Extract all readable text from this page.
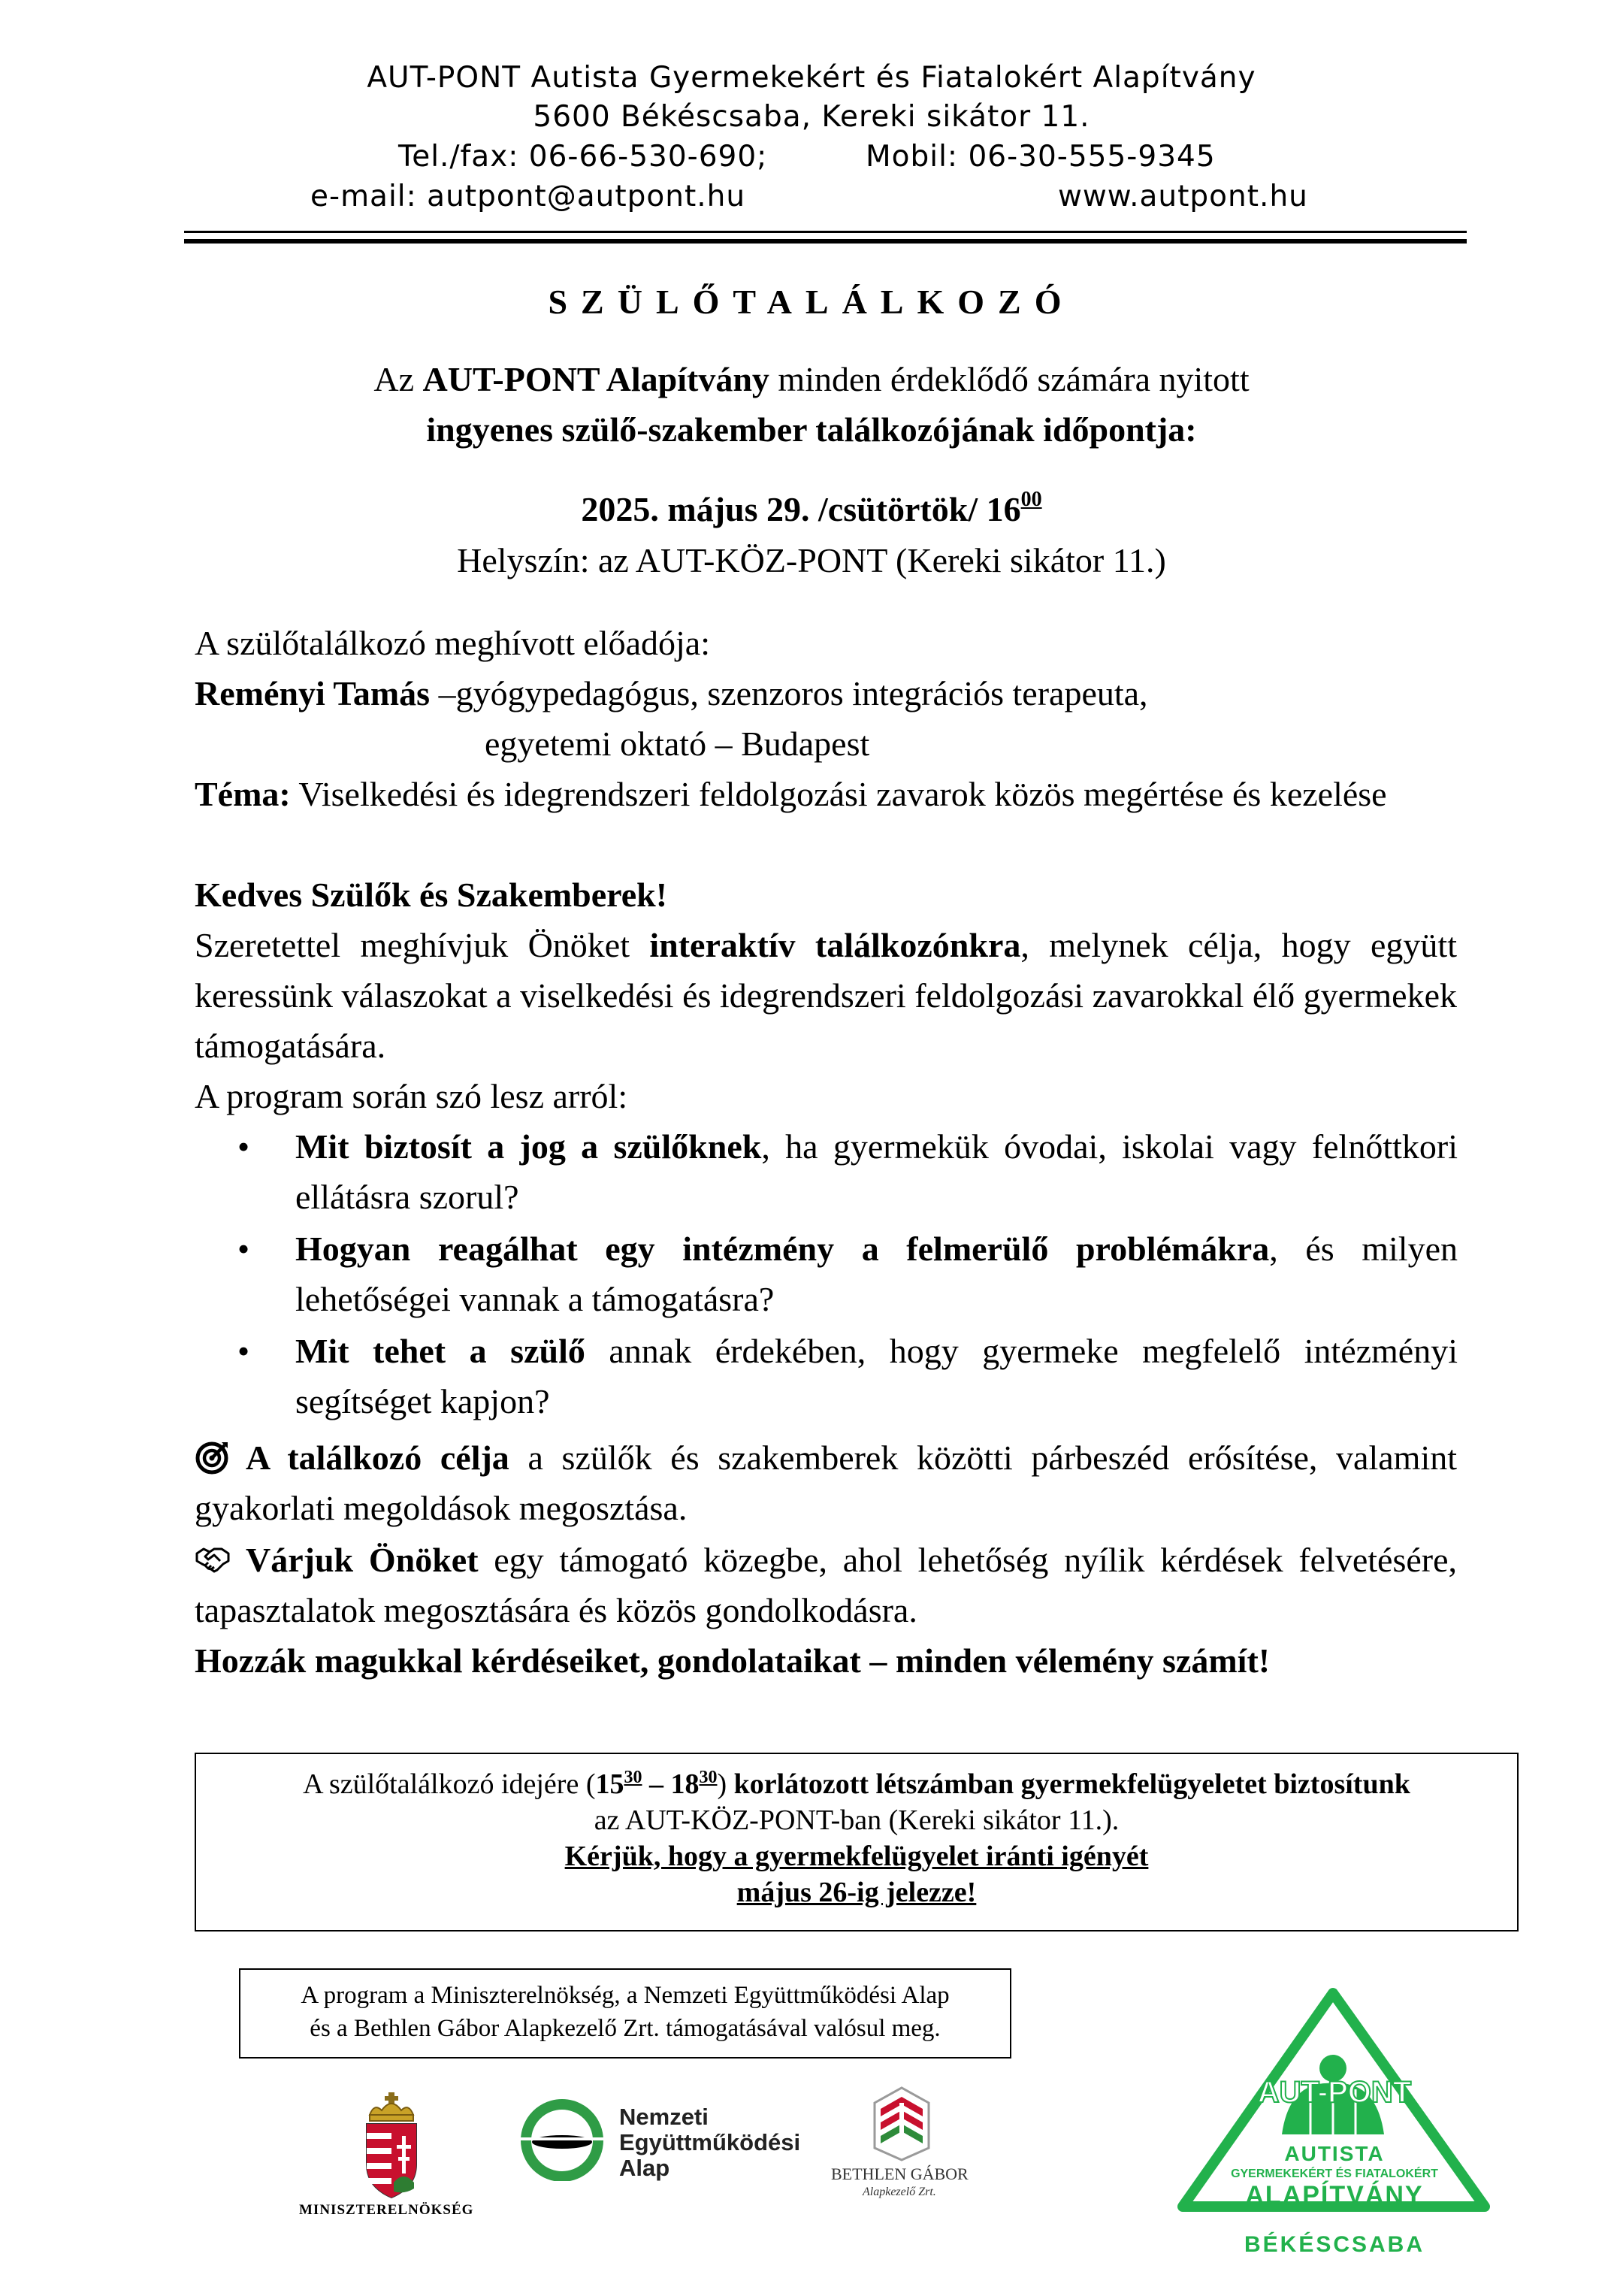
AUT-PONT Autista Gyermekekért és Fiatalokért Alapítvány
5600 Békéscsaba, Kereki sikátor 11.
Tel./fax: 06-66-530-690;	Mobil: 06-30-555-9345
e-mail: autpont@autpont.hu	www.autpont.hu
SZÜLŐTALÁLKOZÓ
Az AUT-PONT Alapítvány minden érdeklődő számára nyitott
ingyenes szülő-szakember találkozójának időpontja:
2025. május 29. /csütörtök/ $16^{00}$
Helyszín: az AUT-KÖZ-PONT (Kereki sikátor 11.)
A szülőtalálkozó meghívott előadója:
Reményi Tamás –gyógypedagógus, szenzoros integrációs terapeuta,
egyetemi oktató – Budapest
Téma: Viselkedési és idegrendszeri feldolgozási zavarok közös megértése és kezelése
Kedves Szülők és Szakemberek!
Szeretettel meghívjuk Önöket interaktív találkozónkra, melynek célja, hogy együtt keressünk válaszokat a viselkedési és idegrendszeri feldolgozási zavarokkal élő gyermekek támogatására.
A program során szó lesz arról:
•	Mit biztosít a jog a szülőknek, ha gyermekük óvodai, iskolai vagy felnőttkori ellátásra szorul?
•	Hogyan reagálhat egy intézmény a felmerülő problémákra, és milyen lehetőségei vannak a támogatásra?
•	Mit tehet a szülő annak érdekében, hogy gyermeke megfelelő intézményi segítséget kapjon?
A találkozó célja a szülők és szakemberek közötti párbeszéd erősítése, valamint gyakorlati megoldások megosztása.
Várjuk Önöket egy támogató közegbe, ahol lehetőség nyílik kérdések felvetésére, tapasztalatok megosztására és közös gondolkodásra.
Hozzák magukkal kérdéseiket, gondolataikat – minden vélemény számít!
A szülőtalálkozó idejére $(15^{30} - 18^{30})$ korlátozott létszámban gyermekfelügyeletet biztosítunk
az AUT-KÖZ-PONT-ban (Kereki sikátor 11.).
Kérjük, hogy a gyermekfelügyelet iránti igényét
május 26-ig jelezze!
A program a Miniszterelnökség, a Nemzeti Együttműködési Alap
és a Bethlen Gábor Alapkezelő Zrt. támogatásával valósul meg.
MINISZTERELNÖKSÉG
Nemzeti
Együttműködési
Alap	BETHLEN GÁBOR
Alapkezelő Zrt.
AUT-PONT
AUTISTA
GYERMEKEKÉRT ÉS FIATALOKÉRT
ALAPÍTVÁNY
BÉKÉSCSABA
